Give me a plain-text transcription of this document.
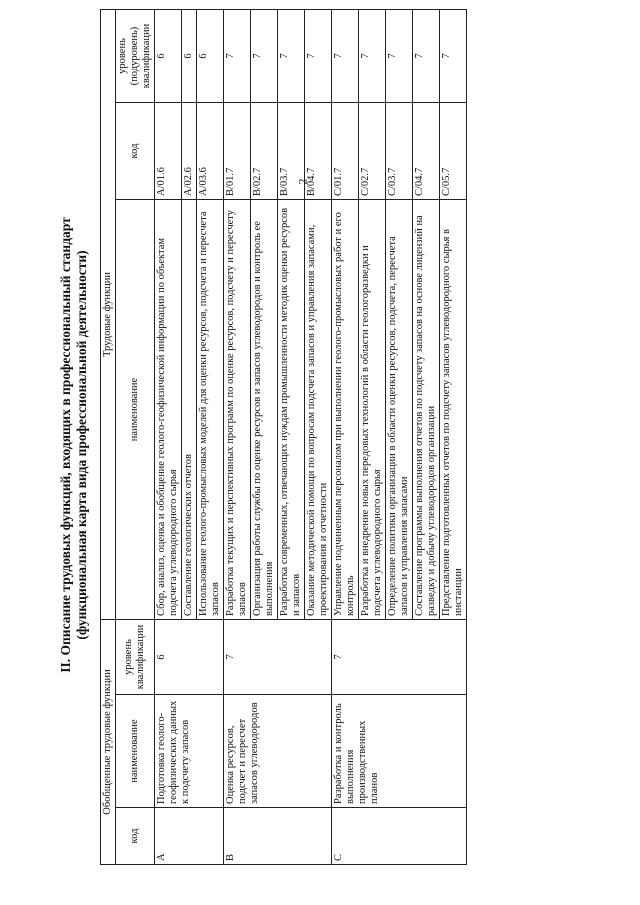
2
II. Описание трудовых функций, входящих в профессиональный стандарт (функциональная карта вида профессиональной деятельности)
Обобщенные трудовые функции			Трудовые функции		
код	наименование	уровень квалификации	наименование	код	уровень (подуровень) квалификации
А	Подготовка геолого-геофизических данных к подсчету запасов	6	Сбор, анализ, оценка и обобщение геолого-геофизической информации по объектам подсчета углеводородного сырья	A/01.6	6
			Составление геологических отчетов	A/02.6	6
			Использование геолого-промысловых моделей для оценки ресурсов, подсчета и пересчета запасов	A/03.6	6
В	Оценка ресурсов, подсчет и пересчет запасов углеводородов	7	Разработка текущих и перспективных программ по оценке ресурсов, подсчету и пересчету запасов	B/01.7	7
			Организация работы службы по оценке ресурсов и запасов углеводородов и контроль ее выполнения	B/02.7	7
			Разработка современных, отвечающих нуждам промышленности методик оценки ресурсов и запасов	B/03.7	7
			Оказание методической помощи по вопросам подсчета запасов и управления запасами, проектирования и отчетности	B/04.7	7
С	Разработка и контроль выполнения производственных планов	7	Управление подчиненным персоналом при выполнении геолого-промысловых работ и его контроль	C/01.7	7
			Разработка и внедрение новых передовых технологий в области геологоразведки и подсчета углеводородного сырья	C/02.7	7
			Определение политики организации в области оценки ресурсов, подсчета, пересчета запасов и управления запасами	C/03.7	7
			Составление программы выполнения отчетов по подсчету запасов на основе лицензий на разведку и добычу углеводородов организации	C/04.7	7
			Представление подготовленных отчетов по подсчету запасов углеводородного сырья в инстанции	C/05.7	7
